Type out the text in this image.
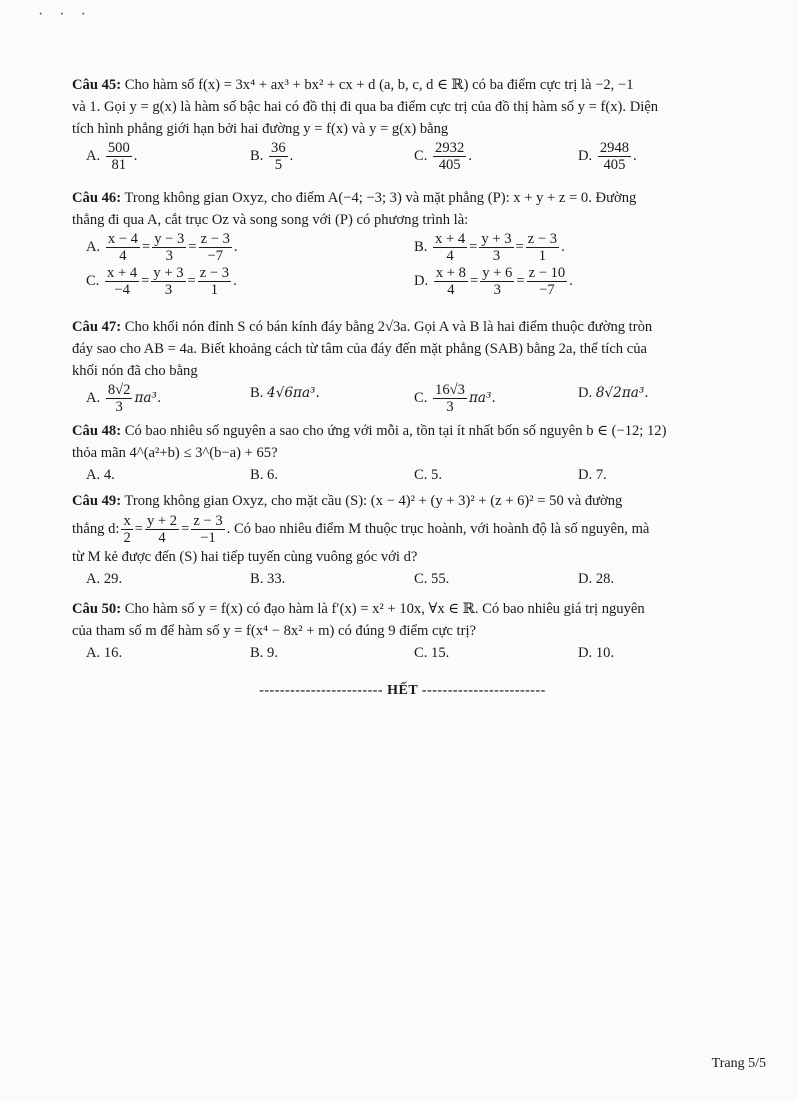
· · ·

Câu 45: Cho hàm số f(x) = 3x⁴ + ax³ + bx² + cx + d (a, b, c, d ∈ ℝ) có ba điểm cực trị là −2, −1

và 1. Gọi y = g(x) là hàm số bậc hai có đồ thị đi qua ba điểm cực trị của đồ thị hàm số y = f(x). Diện

tích hình phẳng giới hạn bởi hai đường y = f(x) và y = g(x) bằng

A. $\frac{500}{81}$ .	B. $\frac{36}{5}$ .	C. $\frac{2932}{405}$ .	D. $\frac{2948}{405}$ .

Câu 46: Trong không gian Oxyz, cho điểm A(−4; −3; 3) và mặt phẳng (P): x + y + z = 0. Đường

thẳng đi qua A, cắt trục Oz và song song với (P) có phương trình là:

A. $\frac{x - 4}{4} = \frac{y - 3}{3} = \frac{z - 3}{-7}$ .	B. $\frac{x + 4}{4} = \frac{y + 3}{3} = \frac{z - 3}{1}$ .
C. $\frac{x + 4}{-4} = \frac{y + 3}{3} = \frac{z - 3}{1}$ .	D. $\frac{x + 8}{4} = \frac{y + 6}{3} = \frac{z - 10}{-7}$ .

Câu 47: Cho khối nón đỉnh S có bán kính đáy bằng 2√3a. Gọi A và B là hai điểm thuộc đường tròn

đáy sao cho AB = 4a. Biết khoảng cách từ tâm của đáy đến mặt phẳng (SAB) bằng 2a, thể tích của

khối nón đã cho bằng

A. $\frac{8√2}{3} \pi a^3$.	B. 4√6πa³.	C. $\frac{16√3}{3} \pi a^3$.	D. 8√2πa³.

Câu 48: Có bao nhiêu số nguyên a sao cho ứng với mỗi a, tồn tại ít nhất bốn số nguyên b ∈ (−12; 12)

thỏa mãn 4^(a²+b) ≤ 3^(b−a) + 65?

A. 4.	B. 6.	C. 5.	D. 7.

Câu 49: Trong không gian Oxyz, cho mặt cầu (S): (x − 4)² + (y + 3)² + (z + 6)² = 50 và đường

thẳng d: $\frac{x}{2} = \frac{y + 2}{4} = \frac{z - 3}{-1}$ . Có bao nhiêu điểm M thuộc trục hoành, với hoành độ là số nguyên, mà

từ M kẻ được đến (S) hai tiếp tuyến cùng vuông góc với d?

A. 29.	B. 33.	C. 55.	D. 28.

Câu 50: Cho hàm số y = f(x) có đạo hàm là f′(x) = x² + 10x, ∀x ∈ ℝ. Có bao nhiêu giá trị nguyên

của tham số m để hàm số y = f(x⁴ − 8x² + m) có đúng 9 điểm cực trị?

A. 16.	B. 9.	C. 15.	D. 10.
------------------------ HẾT ------------------------
Trang 5/5
